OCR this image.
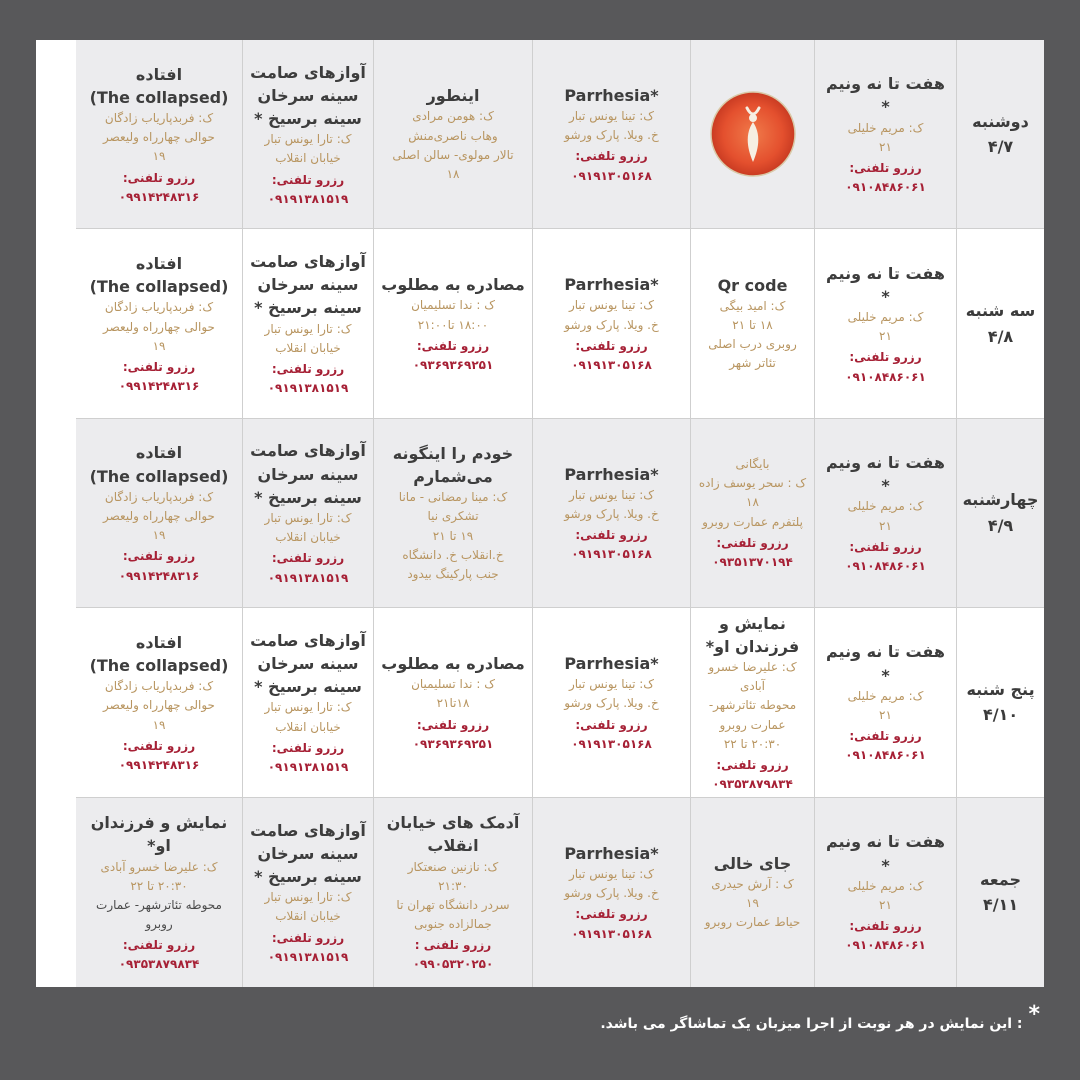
دوشنبه
۴/۷
هفت تا نه ونیم *
ک: مریم خلیلی
۲۱
رزرو تلفنی:
۰۹۱۰۸۴۸۶۰۶۱
*Parrhesia
ک: تینا یونس تبار
خ. ویلا. پارک ورشو
رزرو تلفنی:
۰۹۱۹۱۳۰۵۱۶۸
اینطور
ک: هومن مرادی
وهاب ناصری‌منش
تالار مولوی- سالن اصلی
۱۸
آوازهای صامت
سینه سرخان
سینه برسیخ *
ک: تارا یونس تبار
خیابان انقلاب
رزرو تلفنی:
۰۹۱۹۱۳۸۱۵۱۹
افتاده
(The collapsed)
ک: فربدپاریاب زادگان
حوالی چهارراه ولیعصر
۱۹
رزرو تلفنی:
۰۹۹۱۴۲۴۸۳۱۶
سه شنبه
۴/۸
هفت تا نه ونیم *
ک: مریم خلیلی
۲۱
رزرو تلفنی:
۰۹۱۰۸۴۸۶۰۶۱
Qr code
ک: امید بیگی
۱۸ تا ۲۱
روبری درب اصلی تئاتر شهر
*Parrhesia
ک: تینا یونس تبار
خ. ویلا. پارک ورشو
رزرو تلفنی:
۰۹۱۹۱۳۰۵۱۶۸
مصادره به مطلوب
ک : ندا تسلیمیان
۱۸:۰۰ تا۲۱:۰۰
رزرو تلفنی:
۰۹۳۶۹۳۶۹۲۵۱
آوازهای صامت
سینه سرخان
سینه برسیخ *
ک: تارا یونس تبار
خیابان انقلاب
رزرو تلفنی:
۰۹۱۹۱۳۸۱۵۱۹
افتاده
(The collapsed)
ک: فربدپاریاب زادگان
حوالی چهارراه ولیعصر
۱۹
رزرو تلفنی:
۰۹۹۱۴۲۴۸۳۱۶
چهارشنبه
۴/۹
هفت تا نه ونیم *
ک: مریم خلیلی
۲۱
رزرو تلفنی:
۰۹۱۰۸۴۸۶۰۶۱
بایگانی
ک : سحر یوسف زاده
۱۸
پلتفرم عمارت روبرو
رزرو تلفنی:
۰۹۳۵۱۳۷۰۱۹۴
*Parrhesia
ک: تینا یونس تبار
خ. ویلا. پارک ورشو
رزرو تلفنی:
۰۹۱۹۱۳۰۵۱۶۸
خودم را اینگونه
می‌شمارم
ک: مینا رمضانی - مانا
تشکری نیا
۱۹ تا ۲۱
خ.انقلاب خ. دانشگاه
جنب پارکینگ بیدود
آوازهای صامت
سینه سرخان
سینه برسیخ *
ک: تارا یونس تبار
خیابان انقلاب
رزرو تلفنی:
۰۹۱۹۱۳۸۱۵۱۹
افتاده
(The collapsed)
ک: فربدپاریاب زادگان
حوالی چهارراه ولیعصر
۱۹
رزرو تلفنی:
۰۹۹۱۴۲۴۸۳۱۶
پنج شنبه
۴/۱۰
هفت تا نه ونیم *
ک: مریم خلیلی
۲۱
رزرو تلفنی:
۰۹۱۰۸۴۸۶۰۶۱
نمایش و فرزندان او*
ک: علیرضا خسرو آبادی
محوطه تئاترشهر- عمارت روبرو
۲۰:۳۰ تا ۲۲
رزرو تلفنی:
۰۹۳۵۳۸۷۹۸۳۴
*Parrhesia
ک: تینا یونس تبار
خ. ویلا. پارک ورشو
رزرو تلفنی:
۰۹۱۹۱۳۰۵۱۶۸
مصادره به مطلوب
ک : ندا تسلیمیان
۱۸تا۲۱
رزرو تلفنی:
۰۹۳۶۹۳۶۹۲۵۱
آوازهای صامت
سینه سرخان
سینه برسیخ *
ک: تارا یونس تبار
خیابان انقلاب
رزرو تلفنی:
۰۹۱۹۱۳۸۱۵۱۹
افتاده
(The collapsed)
ک: فربدپاریاب زادگان
حوالی چهارراه ولیعصر
۱۹
رزرو تلفنی:
۰۹۹۱۴۲۴۸۳۱۶
جمعه
۴/۱۱
هفت تا نه ونیم *
ک: مریم خلیلی
۲۱
رزرو تلفنی:
۰۹۱۰۸۴۸۶۰۶۱
جای خالی
ک : آرش حیدری
۱۹
حیاط عمارت روبرو
*Parrhesia
ک: تینا یونس تبار
خ. ویلا. پارک ورشو
رزرو تلفنی:
۰۹۱۹۱۳۰۵۱۶۸
آدمک های خیابان
انقلاب
ک: نازنین صنعتکار
۲۱:۳۰
سردر دانشگاه تهران تا
جمالزاده جنوبی
رزرو تلفنی :
۰۹۹۰۵۳۲۰۲۵۰
آوازهای صامت
سینه سرخان
سینه برسیخ *
ک: تارا یونس تبار
خیابان انقلاب
رزرو تلفنی:
۰۹۱۹۱۳۸۱۵۱۹
نمایش و فرزندان او*
ک: علیرضا خسرو آبادی
۲۰:۳۰ تا ۲۲
محوطه تئاترشهر- عمارت
روبرو
رزرو تلفنی:
۰۹۳۵۳۸۷۹۸۳۴
*
: این نمایش در هر نوبت از اجرا میزبان یک تماشاگر می باشد.
